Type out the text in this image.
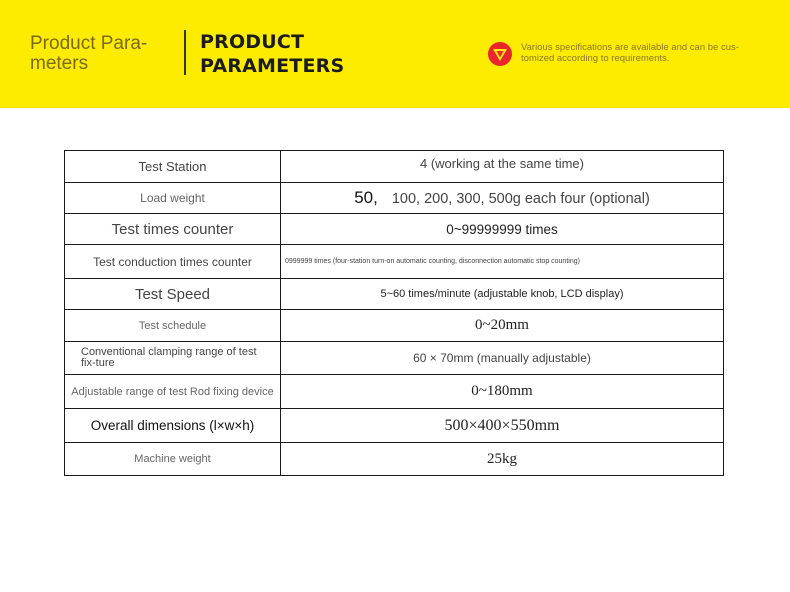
Product Para-meters
PRODUCT
PARAMETERS
Various specifications are available and can be cus-tomized according to requirements.
Test Station	4 (working at the same time)
Load weight	50, 100, 200, 300, 500g each four (optional)
Test times counter	0~99999999 times
Test conduction times counter	0999999 times (four-station turn-on automatic counting, disconnection automatic stop counting)
Test Speed	5~60 times/minute (adjustable knob, LCD display)
Test schedule	0~20mm
Conventional clamping range of test fix-ture	60 × 70mm (manually adjustable)
Adjustable range of test Rod fixing device	0~180mm
Overall dimensions (l×w×h)	500×400×550mm
Machine weight	25kg
